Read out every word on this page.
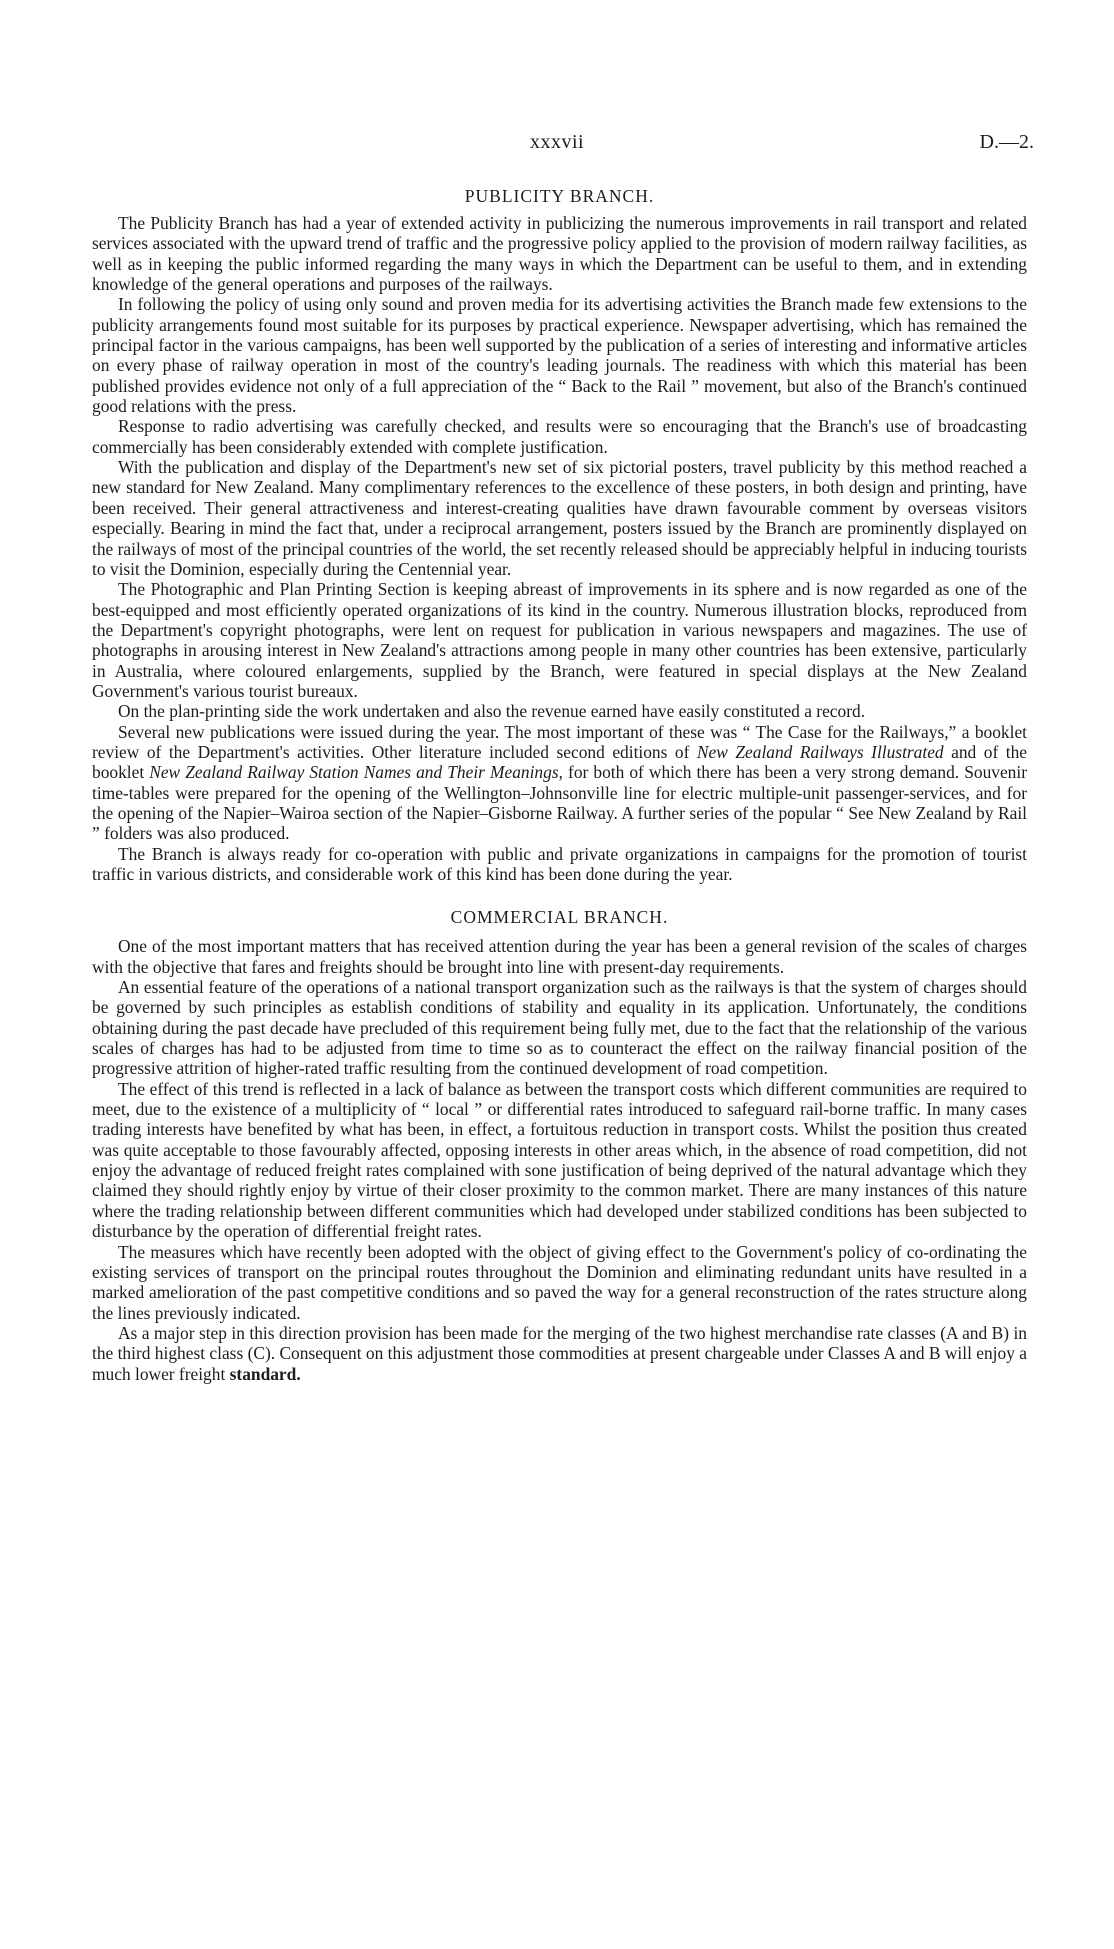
xxxvii	D.—2.
PUBLICITY BRANCH.

The Publicity Branch has had a year of extended activity in publicizing the numerous improvements in rail transport and related services associated with the upward trend of traffic and the progressive policy applied to the provision of modern railway facilities, as well as in keeping the public informed regarding the many ways in which the Department can be useful to them, and in extending knowledge of the general operations and purposes of the railways.

In following the policy of using only sound and proven media for its advertising activities the Branch made few extensions to the publicity arrangements found most suitable for its purposes by practical experience. Newspaper advertising, which has remained the principal factor in the various campaigns, has been well supported by the publication of a series of interesting and informative articles on every phase of railway operation in most of the country's leading journals. The readiness with which this material has been published provides evidence not only of a full appreciation of the “ Back to the Rail ” movement, but also of the Branch's continued good relations with the press.

Response to radio advertising was carefully checked, and results were so encouraging that the Branch's use of broadcasting commercially has been considerably extended with complete justification.

With the publication and display of the Department's new set of six pictorial posters, travel publicity by this method reached a new standard for New Zealand. Many complimentary references to the excellence of these posters, in both design and printing, have been received. Their general attractiveness and interest-creating qualities have drawn favourable comment by overseas visitors especially. Bearing in mind the fact that, under a reciprocal arrangement, posters issued by the Branch are prominently displayed on the railways of most of the principal countries of the world, the set recently released should be appreciably helpful in inducing tourists to visit the Dominion, especially during the Centennial year.

The Photographic and Plan Printing Section is keeping abreast of improvements in its sphere and is now regarded as one of the best-equipped and most efficiently operated organizations of its kind in the country. Numerous illustration blocks, reproduced from the Department's copyright photographs, were lent on request for publication in various newspapers and magazines. The use of photographs in arousing interest in New Zealand's attractions among people in many other countries has been extensive, particularly in Australia, where coloured enlargements, supplied by the Branch, were featured in special displays at the New Zealand Government's various tourist bureaux.

On the plan-printing side the work undertaken and also the revenue earned have easily constituted a record.

Several new publications were issued during the year. The most important of these was “ The Case for the Railways,” a booklet review of the Department's activities. Other literature included second editions of New Zealand Railways Illustrated and of the booklet New Zealand Railway Station Names and Their Meanings, for both of which there has been a very strong demand. Souvenir time-tables were prepared for the opening of the Wellington–Johnsonville line for electric multiple-unit passenger-services, and for the opening of the Napier–Wairoa section of the Napier–Gisborne Railway. A further series of the popular “ See New Zealand by Rail ” folders was also produced.

The Branch is always ready for co-operation with public and private organizations in campaigns for the promotion of tourist traffic in various districts, and considerable work of this kind has been done during the year.

COMMERCIAL BRANCH.

One of the most important matters that has received attention during the year has been a general revision of the scales of charges with the objective that fares and freights should be brought into line with present-day requirements.

An essential feature of the operations of a national transport organization such as the railways is that the system of charges should be governed by such principles as establish conditions of stability and equality in its application. Unfortunately, the conditions obtaining during the past decade have precluded of this requirement being fully met, due to the fact that the relationship of the various scales of charges has had to be adjusted from time to time so as to counteract the effect on the railway financial position of the progressive attrition of higher-rated traffic resulting from the continued development of road competition.

The effect of this trend is reflected in a lack of balance as between the transport costs which different communities are required to meet, due to the existence of a multiplicity of “ local ” or differential rates introduced to safeguard rail-borne traffic. In many cases trading interests have benefited by what has been, in effect, a fortuitous reduction in transport costs. Whilst the position thus created was quite acceptable to those favourably affected, opposing interests in other areas which, in the absence of road competition, did not enjoy the advantage of reduced freight rates complained with sone justification of being deprived of the natural advantage which they claimed they should rightly enjoy by virtue of their closer proximity to the common market. There are many instances of this nature where the trading relationship between different communities which had developed under stabilized conditions has been subjected to disturbance by the operation of differential freight rates.

The measures which have recently been adopted with the object of giving effect to the Government's policy of co-ordinating the existing services of transport on the principal routes throughout the Dominion and eliminating redundant units have resulted in a marked amelioration of the past competitive conditions and so paved the way for a general reconstruction of the rates structure along the lines previously indicated.

As a major step in this direction provision has been made for the merging of the two highest merchandise rate classes (A and B) in the third highest class (C). Consequent on this adjustment those commodities at present chargeable under Classes A and B will enjoy a much lower freight standard.
